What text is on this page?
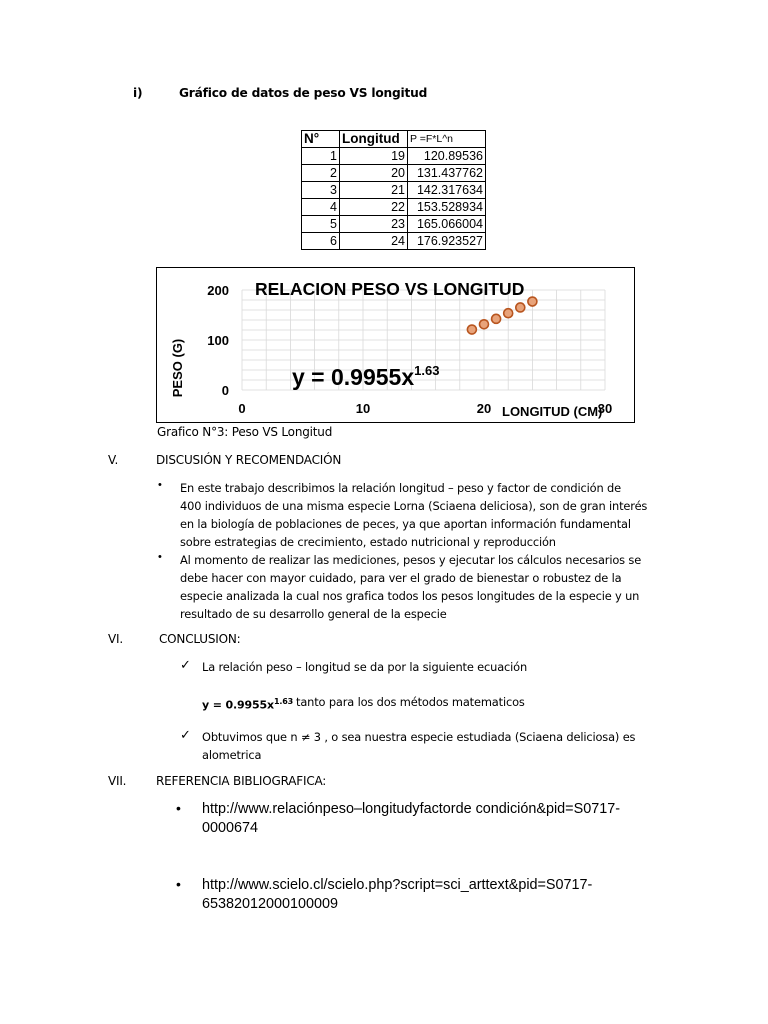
i)	Gráfico de datos de peso VS longitud
N°	Longitud	P =F*L^n
1	19	120.89536
2	20	131.437762
3	21	142.317634
4	22	153.528934
5	23	165.066004
6	24	176.923527
RELACION PESO VS LONGITUD
PESO (G)	0
100
200
0	10	20	30
$y = 0.9955x^{1.63}$
LONGITUD (CM)
Grafico N°3: Peso VS Longitud
V.	DISCUSIÓN Y RECOMENDACIÓN
• En este trabajo describimos la relación longitud – peso y factor de condición de
400 individuos de una misma especie Lorna (Sciaena deliciosa), son de gran interés
en la biología de poblaciones de peces, ya que aportan información fundamental
sobre estrategias de crecimiento, estado nutricional y reproducción
• Al momento de realizar las mediciones, pesos y ejecutar los cálculos necesarios se
debe hacer con mayor cuidado, para ver el grado de bienestar o robustez de la
especie analizada la cual nos grafica todos los pesos longitudes de la especie y un
resultado de su desarrollo general de la especie
VI.	CONCLUSION:
✓ La relación peso – longitud se da por la siguiente ecuación
$y = 0.9955x^{1.63}$ tanto para los dos métodos matematicos
✓ Obtuvimos que n ≠ 3 , o sea nuestra especie estudiada (Sciaena deliciosa) es
alometrica
VII. REFERENCIA BIBLIOGRAFICA:
• http://www.relaciónpeso–longitudyfactorde condición&pid=S0717-
0000674
• http://www.scielo.cl/scielo.php?script=sci_arttext&pid=S0717-
65382012000100009
